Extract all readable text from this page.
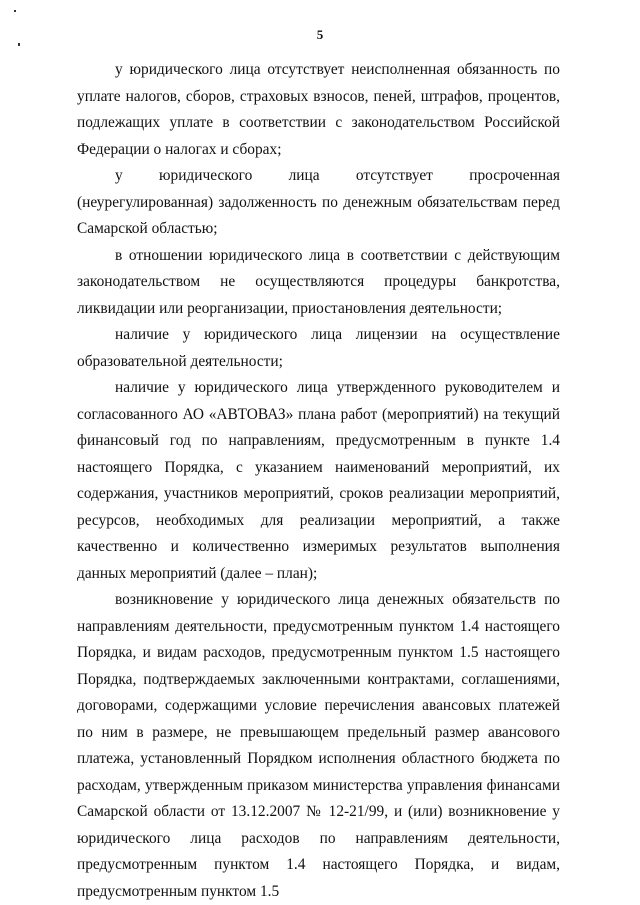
5

у юридического лица отсутствует неисполненная обязанность по уплате налогов, сборов, страховых взносов, пеней, штрафов, процентов, подлежащих уплате в соответствии с законодательством Российской Федерации о налогах и сборах;

у юридического лица отсутствует просроченная (неурегулированная) задолженность по денежным обязательствам перед Самарской областью;

в отношении юридического лица в соответствии с действующим законодательством не осуществляются процедуры банкротства, ликвидации или реорганизации, приостановления деятельности;

наличие у юридического лица лицензии на осуществление образовательной деятельности;

наличие у юридического лица утвержденного руководителем и согласованного АО «АВТОВАЗ» плана работ (мероприятий) на текущий финансовый год по направлениям, предусмотренным в пункте 1.4 настоящего Порядка, с указанием наименований мероприятий, их содержания, участников мероприятий, сроков реализации мероприятий, ресурсов, необходимых для реализации мероприятий, а также качественно и количественно измеримых результатов выполнения данных мероприятий (далее – план);

возникновение у юридического лица денежных обязательств по направлениям деятельности, предусмотренным пунктом 1.4 настоящего Порядка, и видам расходов, предусмотренным пунктом 1.5 настоящего Порядка, подтверждаемых заключенными контрактами, соглашениями, договорами, содержащими условие перечисления авансовых платежей по ним в размере, не превышающем предельный размер авансового платежа, установленный Порядком исполнения областного бюджета по расходам, утвержденным приказом министерства управления финансами Самарской области от 13.12.2007 № 12-21/99, и (или) возникновение у юридического лица расходов по направлениям деятельности, предусмотренным пунктом 1.4 настоящего Порядка, и видам, предусмотренным пунктом 1.5
